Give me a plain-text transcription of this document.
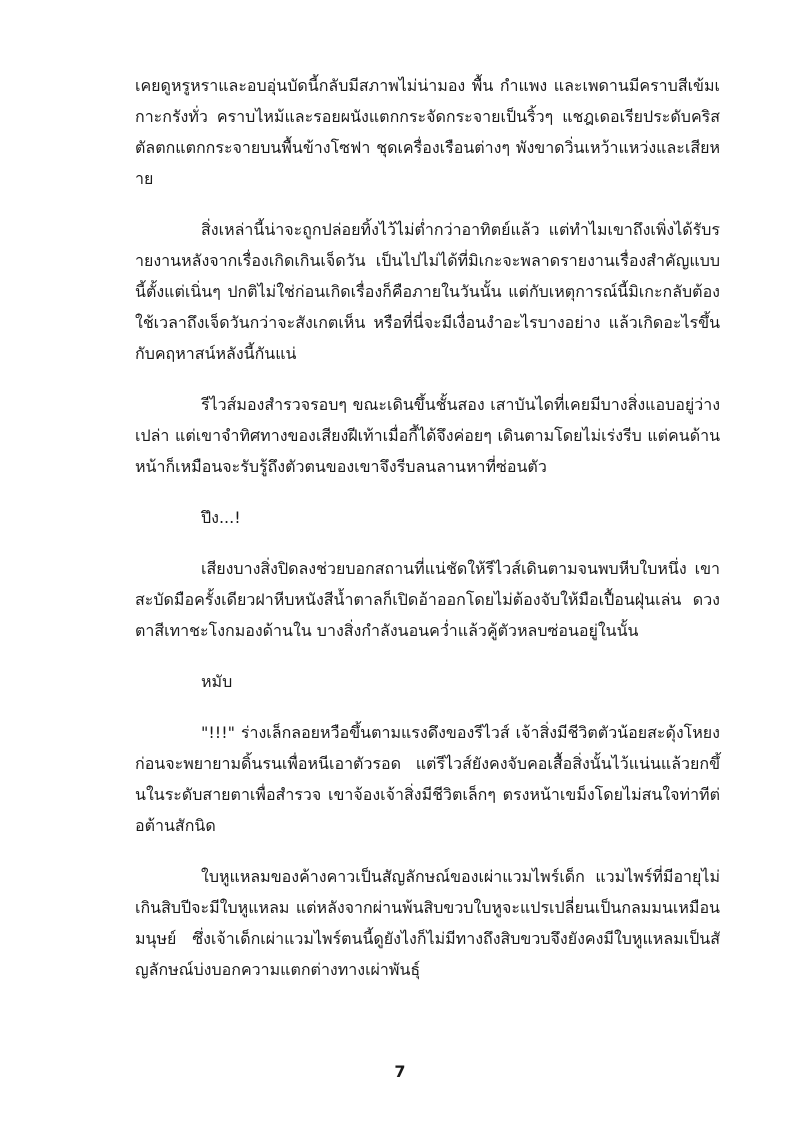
เคยดูหรูหราและอบอุ่นบัดนี้กลับมีสภาพไม่น่ามอง พื้น กำแพง และเพดานมีคราบสีเข้มเกาะกรังทั่ว คราบไหม้และรอยผนังแตกกระจัดกระจายเป็นริ้วๆ แชฎเดอเรียประดับคริสตัลตกแตกกระจายบนพื้นข้างโซฟา ชุดเครื่องเรือนต่างๆ พังขาดวิ่นเหว้าแหว่งและเสียหาย

สิ่งเหล่านี้น่าจะถูกปล่อยทิ้งไว้ไม่ต่ำกว่าอาทิตย์แล้ว แต่ทำไมเขาถึงเพิ่งได้รับรายงานหลังจากเรื่องเกิดเกินเจ็ดวัน เป็นไปไม่ได้ที่มิเกะจะพลาดรายงานเรื่องสำคัญแบบนี้ตั้งแต่เนิ่นๆ ปกติไม่ใช่ก่อนเกิดเรื่องก็คือภายในวันนั้น แต่กับเหตุการณ์นี้มิเกะกลับต้องใช้เวลาถึงเจ็ดวันกว่าจะสังเกตเห็น หรือที่นี่จะมีเงื่อนงำอะไรบางอย่าง แล้วเกิดอะไรขึ้นกับคฤหาสน์หลังนี้กันแน่

รีไวส์มองสำรวจรอบๆ ขณะเดินขึ้นชั้นสอง เสาบันไดที่เคยมีบางสิ่งแอบอยู่ว่างเปล่า แต่เขาจำทิศทางของเสียงฝีเท้าเมื่อกี้ได้จึงค่อยๆ เดินตามโดยไม่เร่งรีบ แต่คนด้านหน้าก็เหมือนจะรับรู้ถึงตัวตนของเขาจึงรีบลนลานหาที่ซ่อนตัว

ปึง...!

เสียงบางสิ่งปิดลงช่วยบอกสถานที่แน่ชัดให้รีไวส์เดินตามจนพบหีบใบหนึ่ง เขาสะบัดมือครั้งเดียวฝาหีบหนังสีน้ำตาลก็เปิดอ้าออกโดยไม่ต้องจับให้มือเปื้อนฝุ่นเล่น ดวงตาสีเทาชะโงกมองด้านใน บางสิ่งกำลังนอนคว่ำแล้วคู้ตัวหลบซ่อนอยู่ในนั้น

หมับ

"!!!" ร่างเล็กลอยหวือขึ้นตามแรงดึงของรีไวส์ เจ้าสิ่งมีชีวิตตัวน้อยสะดุ้งโหยง ก่อนจะพยายามดิ้นรนเพื่อหนีเอาตัวรอด แต่รีไวส์ยังคงจับคอเสื้อสิ่งนั้นไว้แน่นแล้วยกขึ้นในระดับสายตาเพื่อสำรวจ เขาจ้องเจ้าสิ่งมีชีวิตเล็กๆ ตรงหน้าเขม็งโดยไม่สนใจท่าทีต่อต้านสักนิด

ใบหูแหลมของค้างคาวเป็นสัญลักษณ์ของเผ่าแวมไพร์เด็ก แวมไพร์ที่มีอายุไม่เกินสิบปีจะมีใบหูแหลม แต่หลังจากผ่านพ้นสิบขวบใบหูจะแปรเปลี่ยนเป็นกลมมนเหมือนมนุษย์ ซึ่งเจ้าเด็กเผ่าแวมไพร์ตนนี้ดูยังไงก็ไม่มีทางถึงสิบขวบจึงยังคงมีใบหูแหลมเป็นสัญลักษณ์บ่งบอกความแตกต่างทางเผ่าพันธุ์

7
